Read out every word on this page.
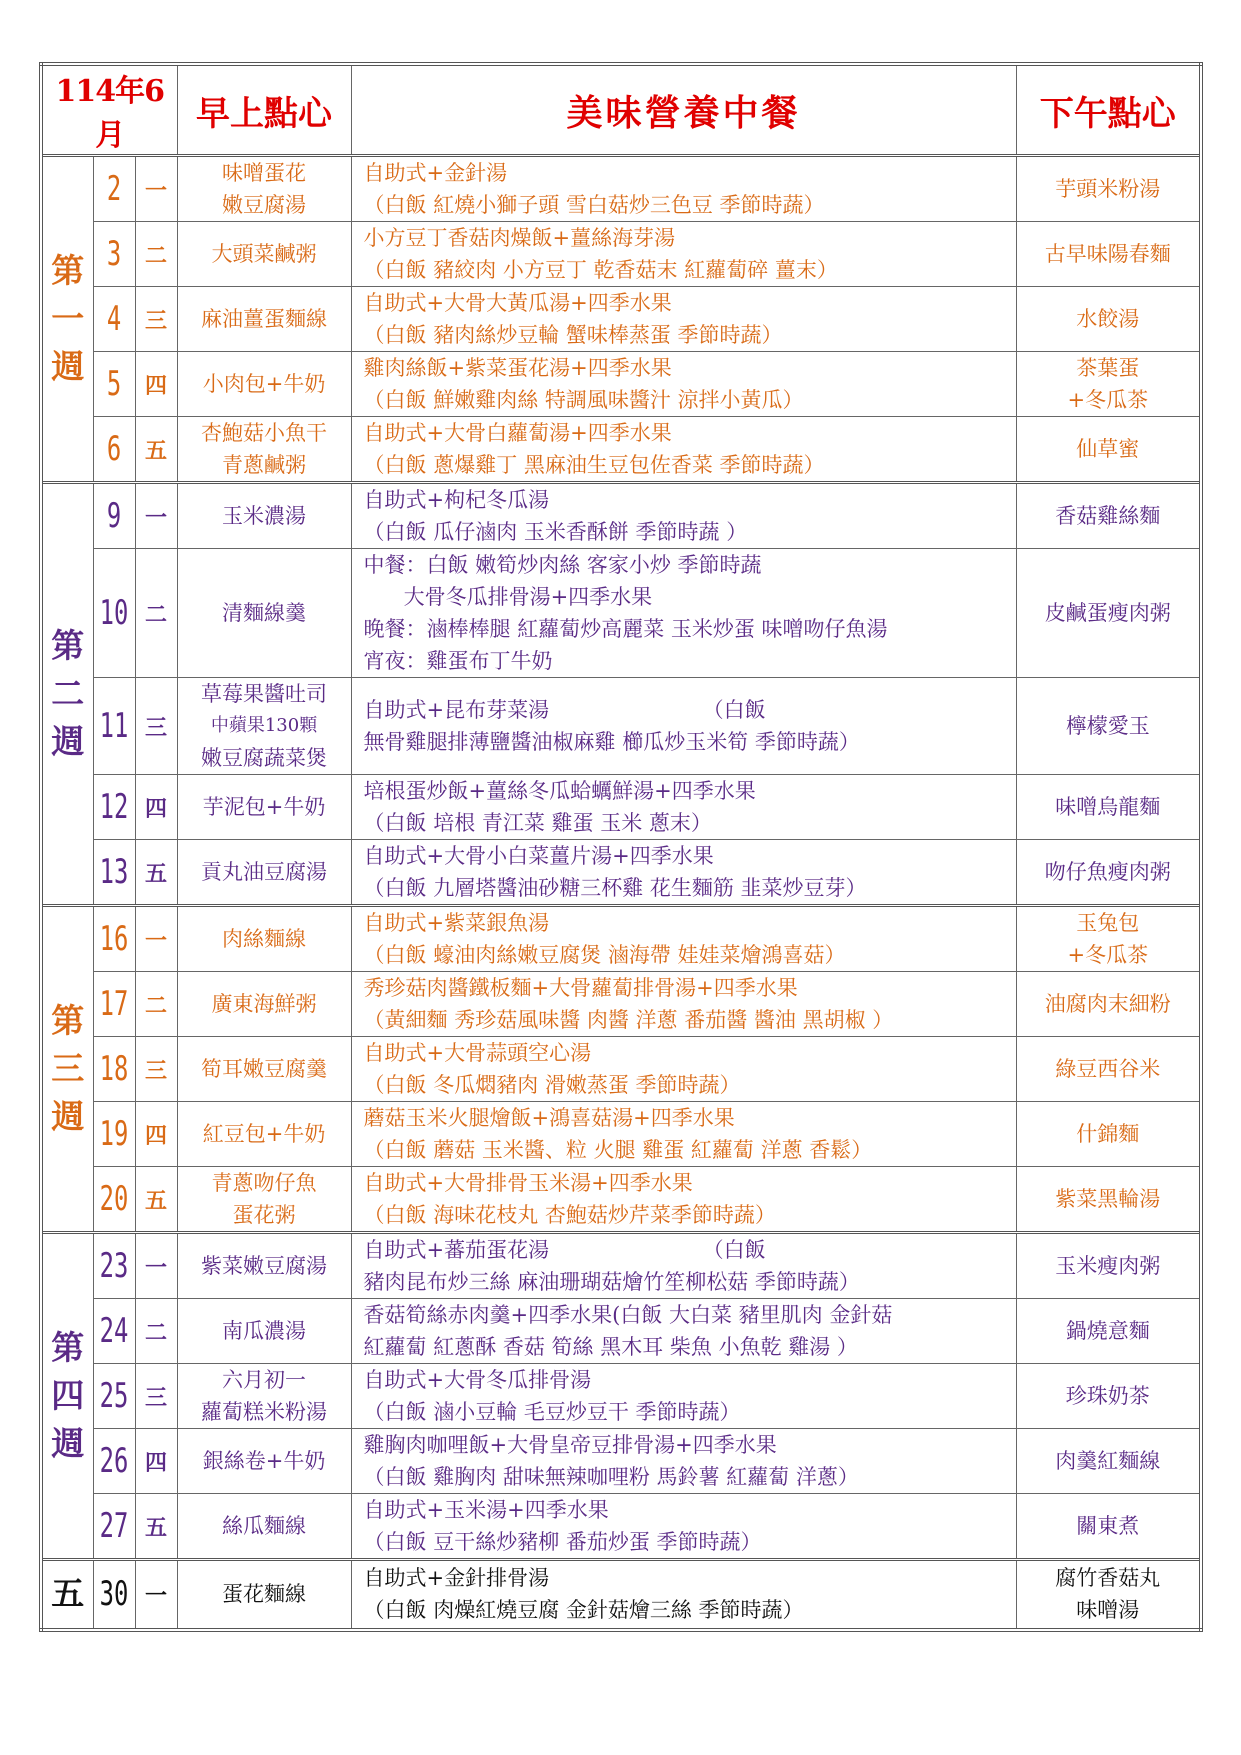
114年6月			早上點心	美味營養中餐	下午點心

第
一
週	2	一	味噌蛋花
嫩豆腐湯	自助式+金針湯
（白飯 紅燒小獅子頭 雪白菇炒三色豆 季節時蔬）	芋頭米粉湯

	3	二	大頭菜鹹粥	小方豆丁香菇肉燥飯+薑絲海芽湯
（白飯 豬絞肉 小方豆丁 乾香菇末 紅蘿蔔碎 薑末）	古早味陽春麵

	4	三	麻油薑蛋麵線	自助式+大骨大黃瓜湯+四季水果
（白飯 豬肉絲炒豆輪 蟹味棒蒸蛋 季節時蔬）	水餃湯

	5	四	小肉包+牛奶	雞肉絲飯+紫菜蛋花湯+四季水果
（白飯 鮮嫩雞肉絲 特調風味醬汁 涼拌小黃瓜）	茶葉蛋
+冬瓜茶

	6	五	杏鮑菇小魚干
青蔥鹹粥	自助式+大骨白蘿蔔湯+四季水果
（白飯 蔥爆雞丁 黑麻油生豆包佐香菜 季節時蔬）	仙草蜜

第
二
週	9	一	玉米濃湯	自助式+枸杞冬瓜湯
（白飯 瓜仔滷肉 玉米香酥餅 季節時蔬 ）	香菇雞絲麵

	10	二	清麵線羹	中餐：白飯 嫩筍炒肉絲 客家小炒 季節時蔬
大骨冬瓜排骨湯+四季水果
晚餐：滷棒棒腿 紅蘿蔔炒高麗菜 玉米炒蛋 味噌吻仔魚湯
宵夜：雞蛋布丁牛奶	皮鹹蛋瘦肉粥

	11	三	草莓果醬吐司
中蘋果130顆
嫩豆腐蔬菜煲	自助式+昆布芽菜湯                       （白飯
無骨雞腿排薄鹽醬油椒麻雞 櫛瓜炒玉米筍 季節時蔬）	檸檬愛玉

	12	四	芋泥包+牛奶	培根蛋炒飯+薑絲冬瓜蛤蠣鮮湯+四季水果
（白飯 培根 青江菜 雞蛋 玉米 蔥末）	味噌烏龍麵

	13	五	貢丸油豆腐湯	自助式+大骨小白菜薑片湯+四季水果
（白飯 九層塔醬油砂糖三杯雞 花生麵筋 韭菜炒豆芽）	吻仔魚瘦肉粥

第
三
週	16	一	肉絲麵線	自助式+紫菜銀魚湯
（白飯 蠔油肉絲嫩豆腐煲 滷海帶 娃娃菜燴鴻喜菇）	玉兔包
+冬瓜茶

	17	二	廣東海鮮粥	秀珍菇肉醬鐵板麵+大骨蘿蔔排骨湯+四季水果
（黃細麵 秀珍菇風味醬 肉醬 洋蔥 番茄醬 醬油 黑胡椒 ）	油腐肉末細粉

	18	三	筍耳嫩豆腐羹	自助式+大骨蒜頭空心湯
（白飯 冬瓜燜豬肉 滑嫩蒸蛋 季節時蔬）	綠豆西谷米

	19	四	紅豆包+牛奶	蘑菇玉米火腿燴飯+鴻喜菇湯+四季水果
（白飯 蘑菇 玉米醬、粒 火腿 雞蛋 紅蘿蔔 洋蔥 香鬆）	什錦麵

	20	五	青蔥吻仔魚
蛋花粥	自助式+大骨排骨玉米湯+四季水果
（白飯 海味花枝丸 杏鮑菇炒芹菜季節時蔬）	紫菜黑輪湯

第
四
週	23	一	紫菜嫩豆腐湯	自助式+蕃茄蛋花湯                       （白飯
豬肉昆布炒三絲 麻油珊瑚菇燴竹笙柳松菇 季節時蔬）	玉米瘦肉粥

	24	二	南瓜濃湯	香菇筍絲赤肉羹+四季水果(白飯 大白菜 豬里肌肉 金針菇
紅蘿蔔 紅蔥酥 香菇 筍絲 黑木耳 柴魚 小魚乾 雞湯 ）	鍋燒意麵

	25	三	六月初一
蘿蔔糕米粉湯	自助式+大骨冬瓜排骨湯
（白飯 滷小豆輪 毛豆炒豆干 季節時蔬）	珍珠奶茶

	26	四	銀絲卷+牛奶	雞胸肉咖哩飯+大骨皇帝豆排骨湯+四季水果
（白飯 雞胸肉 甜味無辣咖哩粉 馬鈴薯 紅蘿蔔 洋蔥）	肉羹紅麵線

	27	五	絲瓜麵線	自助式+玉米湯+四季水果
（白飯 豆干絲炒豬柳 番茄炒蛋 季節時蔬）	關東煮

五	30	一	蛋花麵線	自助式+金針排骨湯
（白飯 肉燥紅燒豆腐 金針菇燴三絲 季節時蔬）	腐竹香菇丸
味噌湯
